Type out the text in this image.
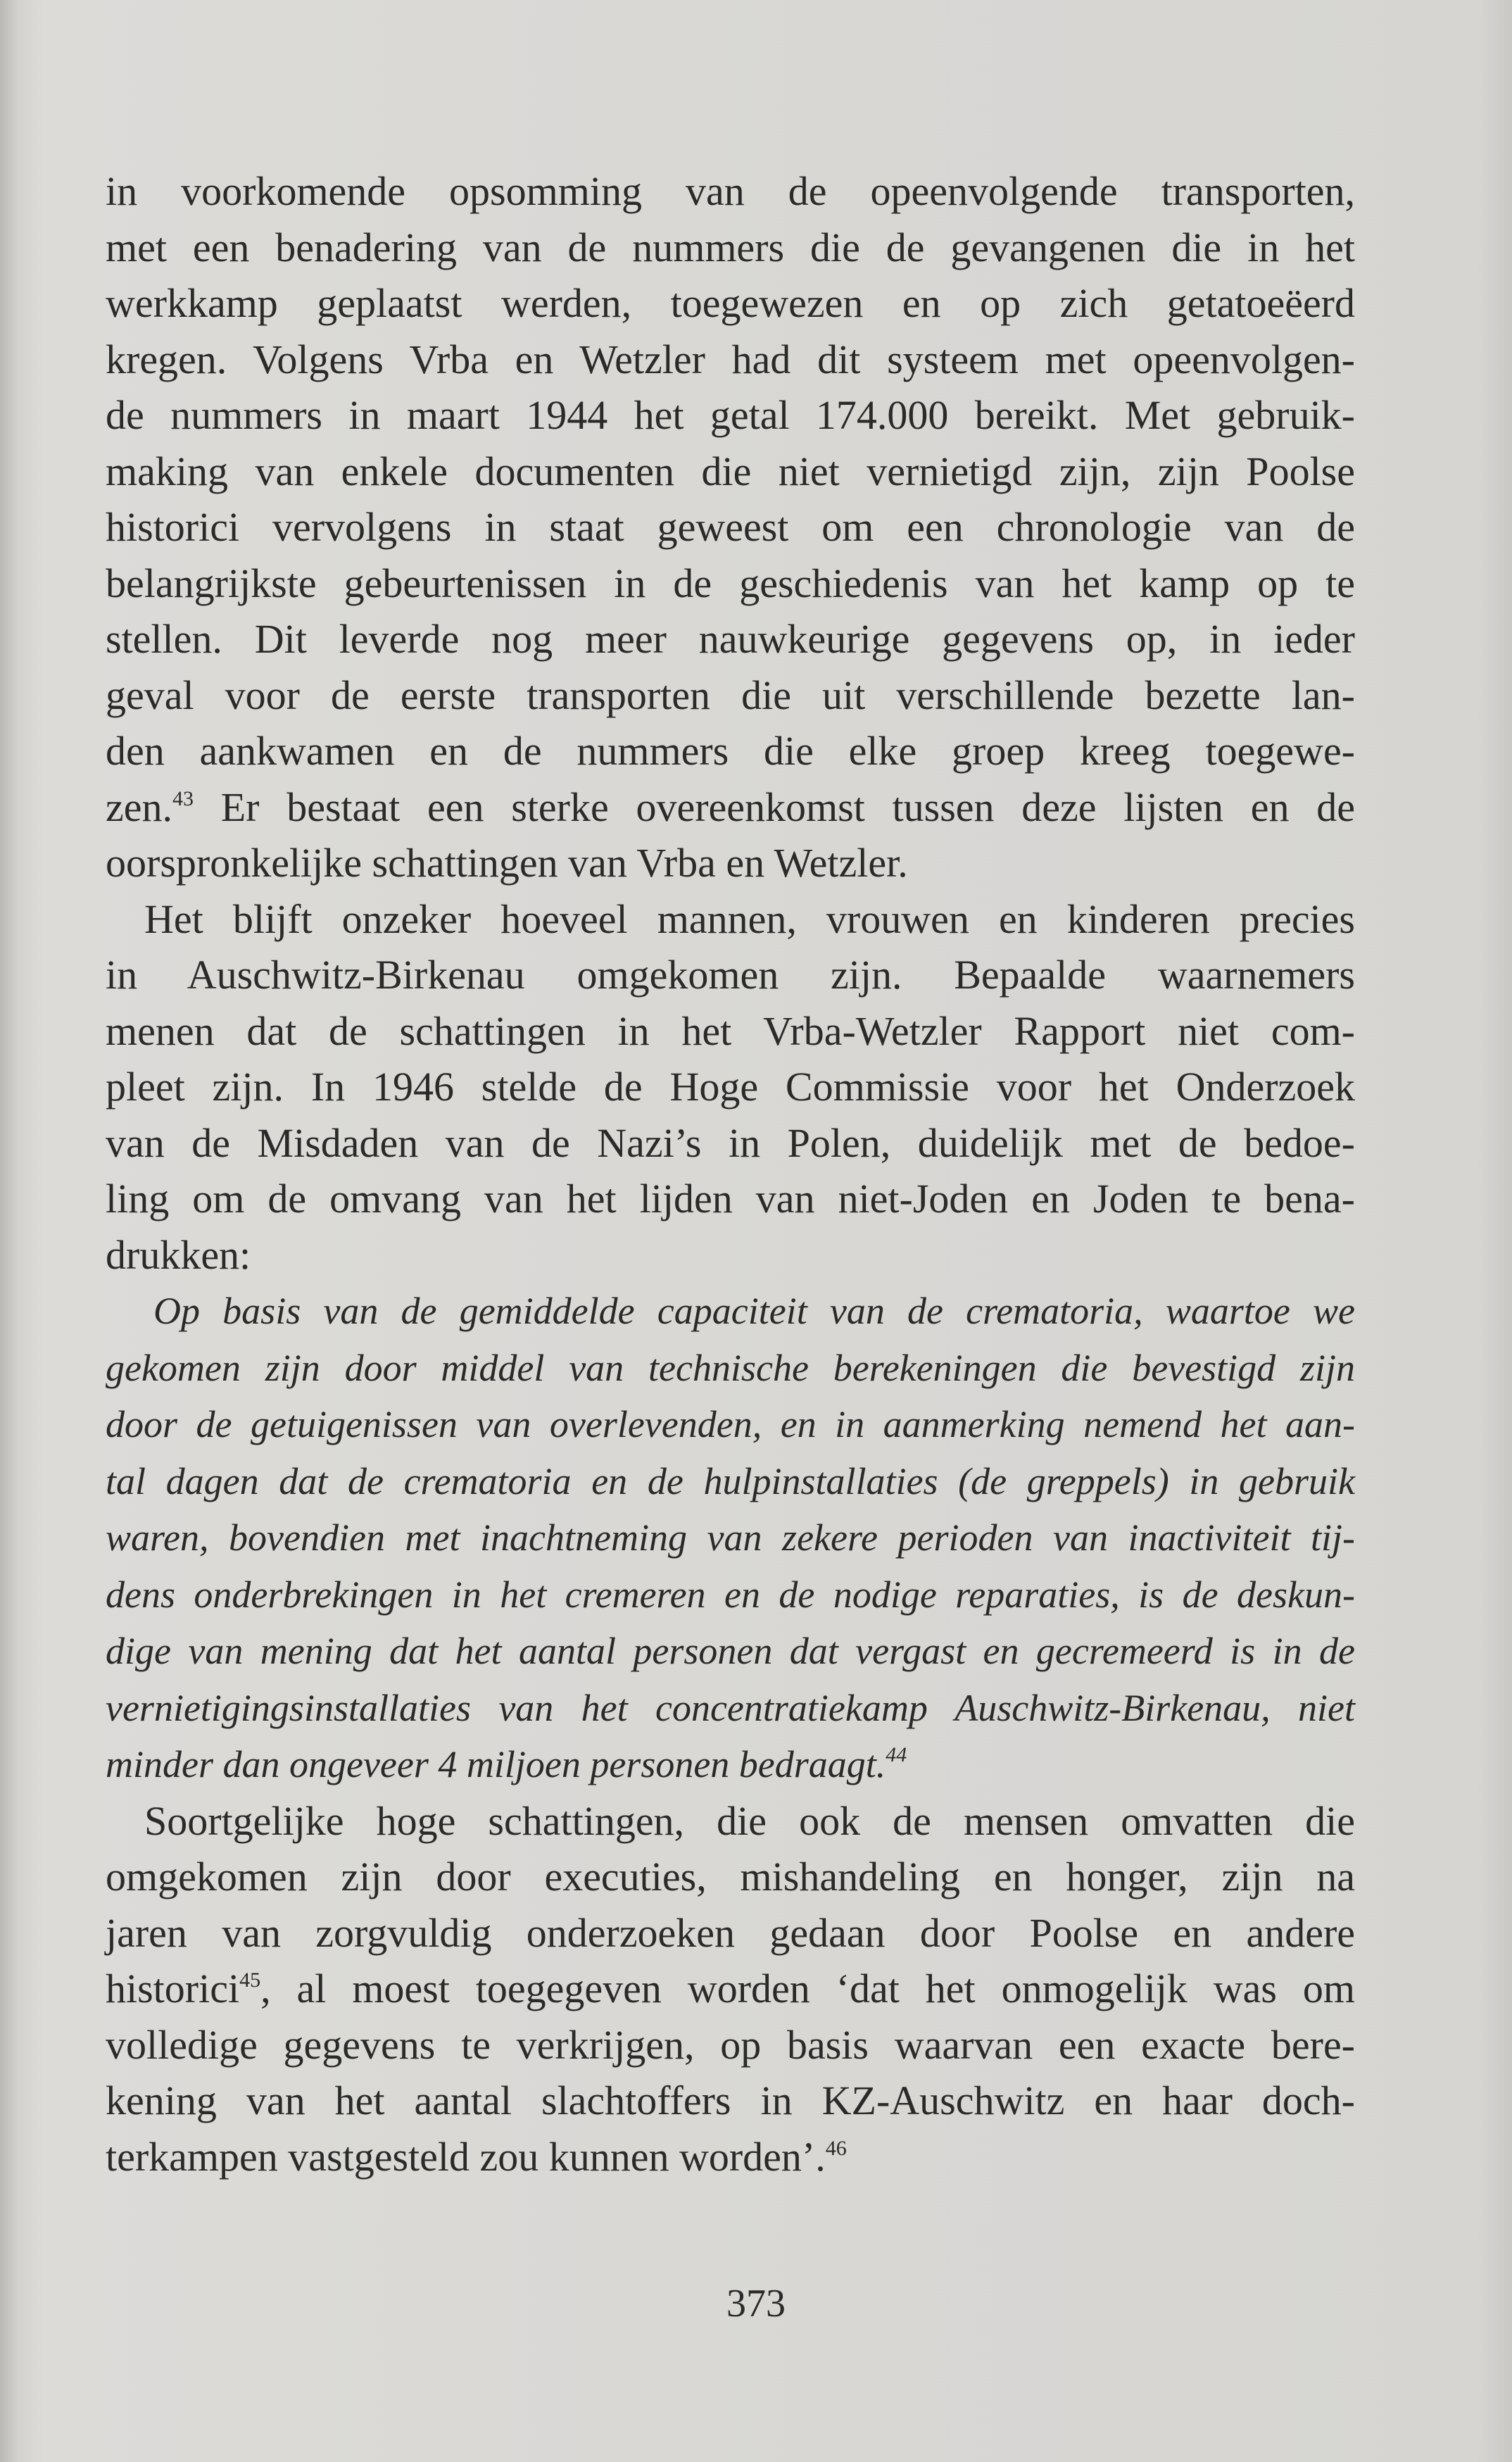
in voorkomende opsomming van de opeenvolgende transporten,
met een benadering van de nummers die de gevangenen die in het
werkkamp geplaatst werden, toegewezen en op zich getatoeëerd
kregen. Volgens Vrba en Wetzler had dit systeem met opeenvolgen-
de nummers in maart 1944 het getal 174.000 bereikt. Met gebruik-
making van enkele documenten die niet vernietigd zijn, zijn Poolse
historici vervolgens in staat geweest om een chronologie van de
belangrijkste gebeurtenissen in de geschiedenis van het kamp op te
stellen. Dit leverde nog meer nauwkeurige gegevens op, in ieder
geval voor de eerste transporten die uit verschillende bezette lan-
den aankwamen en de nummers die elke groep kreeg toegewe-
zen.$^{43}$ Er bestaat een sterke overeenkomst tussen deze lijsten en de
oorspronkelijke schattingen van Vrba en Wetzler.
Het blijft onzeker hoeveel mannen, vrouwen en kinderen precies
in Auschwitz-Birkenau omgekomen zijn. Bepaalde waarnemers
menen dat de schattingen in het Vrba-Wetzler Rapport niet com-
pleet zijn. In 1946 stelde de Hoge Commissie voor het Onderzoek
van de Misdaden van de Nazi’s in Polen, duidelijk met de bedoe-
ling om de omvang van het lijden van niet-Joden en Joden te bena-
drukken:
Op basis van de gemiddelde capaciteit van de crematoria, waartoe we
gekomen zijn door middel van technische berekeningen die bevestigd zijn
door de getuigenissen van overlevenden, en in aanmerking nemend het aan-
tal dagen dat de crematoria en de hulpinstallaties (de greppels) in gebruik
waren, bovendien met inachtneming van zekere perioden van inactiviteit tij-
dens onderbrekingen in het cremeren en de nodige reparaties, is de deskun-
dige van mening dat het aantal personen dat vergast en gecremeerd is in de
vernietigingsinstallaties van het concentratiekamp Auschwitz-Birkenau, niet
minder dan ongeveer 4 miljoen personen bedraagt.$^{44}$
Soortgelijke hoge schattingen, die ook de mensen omvatten die
omgekomen zijn door executies, mishandeling en honger, zijn na
jaren van zorgvuldig onderzoeken gedaan door Poolse en andere
historici$^{45}$, al moest toegegeven worden ‘dat het onmogelijk was om
volledige gegevens te verkrijgen, op basis waarvan een exacte bere-
kening van het aantal slachtoffers in KZ-Auschwitz en haar doch-
terkampen vastgesteld zou kunnen worden’.$^{46}$
373
